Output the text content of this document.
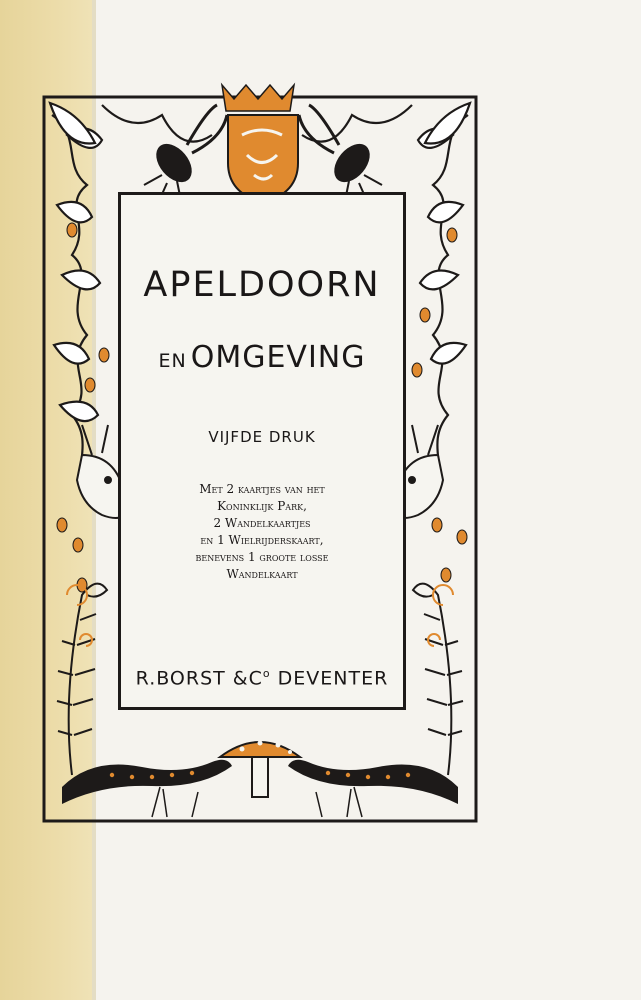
APELDOORN
EN OMGEVING
VIJFDE DRUK
Met 2 kaartjes van het
Koninklijk Park,
2 Wandelkaartjes
en 1 Wielrijderskaart,
benevens 1 groote losse
Wandelkaart
R.BORST $\&C^o$ DEVENTER
